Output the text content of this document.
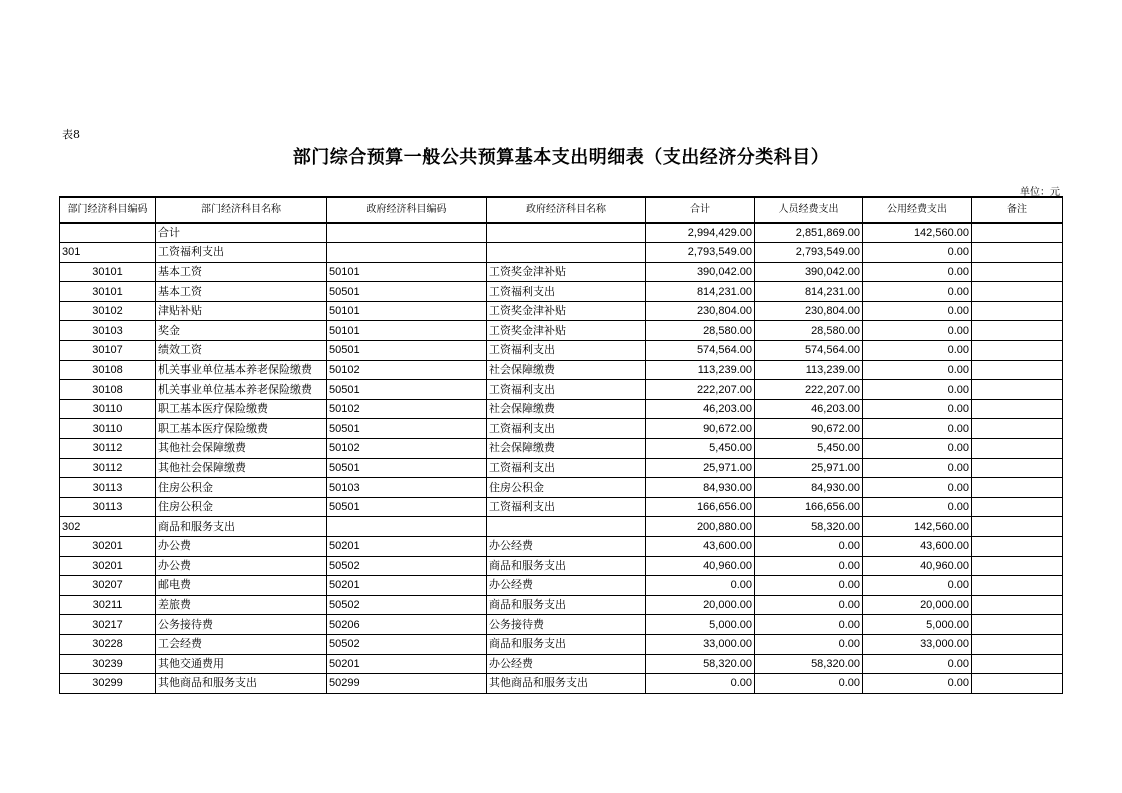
表8
部门综合预算一般公共预算基本支出明细表（支出经济分类科目）
单位：元
部门经济科目编码	部门经济科目名称	政府经济科目编码	政府经济科目名称	合计	人员经费支出	公用经费支出	备注
	合计			2,994,429.00	2,851,869.00	142,560.00	
301	工资福利支出			2,793,549.00	2,793,549.00	0.00	
30101	基本工资	50101	工资奖金津补贴	390,042.00	390,042.00	0.00	
30101	基本工资	50501	工资福利支出	814,231.00	814,231.00	0.00	
30102	津贴补贴	50101	工资奖金津补贴	230,804.00	230,804.00	0.00	
30103	奖金	50101	工资奖金津补贴	28,580.00	28,580.00	0.00	
30107	绩效工资	50501	工资福利支出	574,564.00	574,564.00	0.00	
30108	机关事业单位基本养老保险缴费	50102	社会保障缴费	113,239.00	113,239.00	0.00	
30108	机关事业单位基本养老保险缴费	50501	工资福利支出	222,207.00	222,207.00	0.00	
30110	职工基本医疗保险缴费	50102	社会保障缴费	46,203.00	46,203.00	0.00	
30110	职工基本医疗保险缴费	50501	工资福利支出	90,672.00	90,672.00	0.00	
30112	其他社会保障缴费	50102	社会保障缴费	5,450.00	5,450.00	0.00	
30112	其他社会保障缴费	50501	工资福利支出	25,971.00	25,971.00	0.00	
30113	住房公积金	50103	住房公积金	84,930.00	84,930.00	0.00	
30113	住房公积金	50501	工资福利支出	166,656.00	166,656.00	0.00	
302	商品和服务支出			200,880.00	58,320.00	142,560.00	
30201	办公费	50201	办公经费	43,600.00	0.00	43,600.00	
30201	办公费	50502	商品和服务支出	40,960.00	0.00	40,960.00	
30207	邮电费	50201	办公经费	0.00	0.00	0.00	
30211	差旅费	50502	商品和服务支出	20,000.00	0.00	20,000.00	
30217	公务接待费	50206	公务接待费	5,000.00	0.00	5,000.00	
30228	工会经费	50502	商品和服务支出	33,000.00	0.00	33,000.00	
30239	其他交通费用	50201	办公经费	58,320.00	58,320.00	0.00	
30299	其他商品和服务支出	50299	其他商品和服务支出	0.00	0.00	0.00	
